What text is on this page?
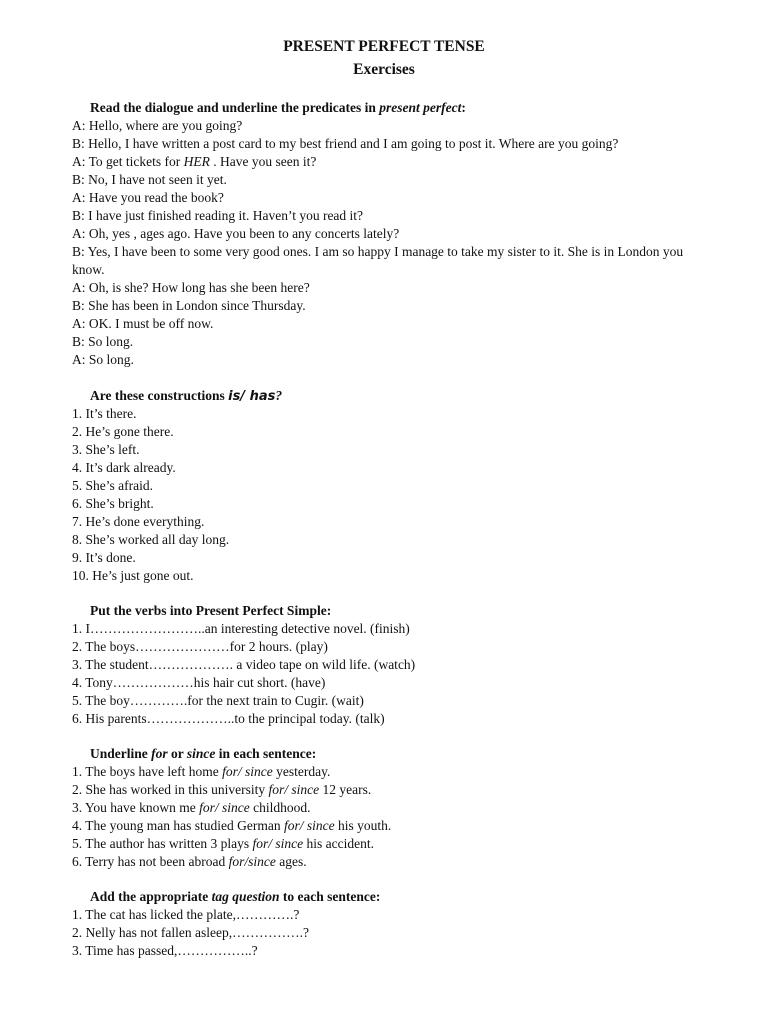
PRESENT PERFECT TENSE
Exercises
Read the dialogue and underline the predicates in present perfect:
A: Hello, where are you going?
B: Hello, I have written a post card to my best friend and I am going to post it. Where are you going?
A: To get tickets for HER . Have you seen it?
B: No, I have not seen it yet.
A: Have you read the book?
B: I have just finished reading it. Haven’t you read it?
A: Oh, yes , ages ago. Have you been to any concerts lately?
B: Yes, I have been to some very good ones. I am so happy I manage to take my sister to it. She is in London you know.
A: Oh, is she? How long has she been here?
B: She has been in London since Thursday.
A: OK. I must be off now.
B: So long.
A: So long.
Are these constructions is/ has?
1. It’s there.
2. He’s gone there.
3. She’s left.
4. It’s dark already.
5. She’s afraid.
6. She’s bright.
7. He’s done everything.
8. She’s worked all day long.
9. It’s done.
10. He’s just gone out.
Put the verbs into Present Perfect Simple:
1. I……………………..an interesting detective novel. (finish)
2. The boys…………………for 2 hours. (play)
3. The student………………. a video tape on wild life. (watch)
4. Tony………………his hair cut short. (have)
5. The boy………….for the next train to Cugir. (wait)
6. His parents………………..to the principal today. (talk)
Underline for or since in each sentence:
1. The boys have left home for/ since yesterday.
2. She has worked in this university for/ since 12 years.
3. You have known me for/ since childhood.
4. The young man has studied German for/ since his youth.
5. The author has written 3 plays for/ since his accident.
6. Terry has not been abroad for/since ages.
Add the appropriate tag question to each sentence:
1. The cat has licked the plate,………….?
2. Nelly has not fallen asleep,…………….?
3. Time has passed,……………..?
